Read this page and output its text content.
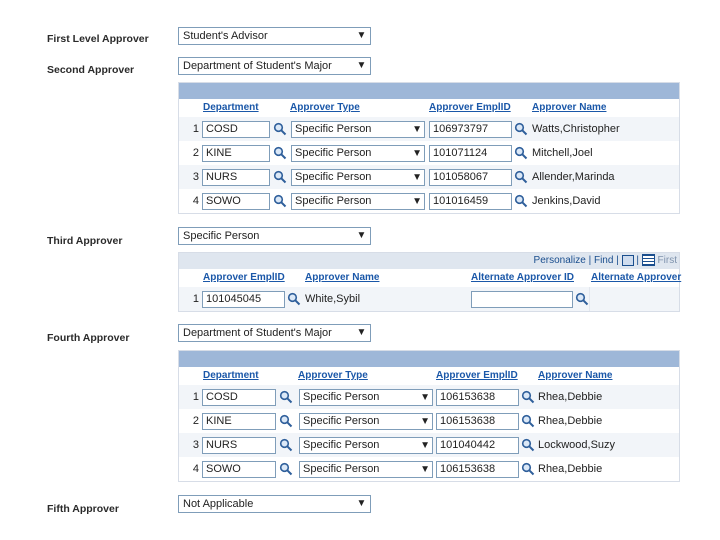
First Level Approver	Student's Advisor	▼
Second Approver	Department of Student's Major ▼
Department	Approver Type	Approver EmplID Approver Name
1 COSD	Specific Person	▼	106973797	Watts,Christopher
2 KINE	Specific Person	▼	101071124	Mitchell,Joel
3 NURS	Specific Person	▼	101058067	Allender,Marinda
4 SOWO	Specific Person	▼	101016459	Jenkins,David
Third Approver	Specific Person	▼
Personalize | Find | | First
Approver EmplID Approver Name	Alternate Approver ID Alternate Approver
1 101045045	White,Sybil
Fourth Approver	Department of Student's Major ▼
Department	Approver Type	Approver EmplID Approver Name
1 COSD	Specific Person	▼ 106153638	Rhea,Debbie
2 KINE	Specific Person	▼ 106153638	Rhea,Debbie
3 NURS	Specific Person	▼ 101040442	Lockwood,Suzy
4 SOWO	Specific Person	▼ 106153638	Rhea,Debbie
Fifth Approver	Not Applicable	▼
